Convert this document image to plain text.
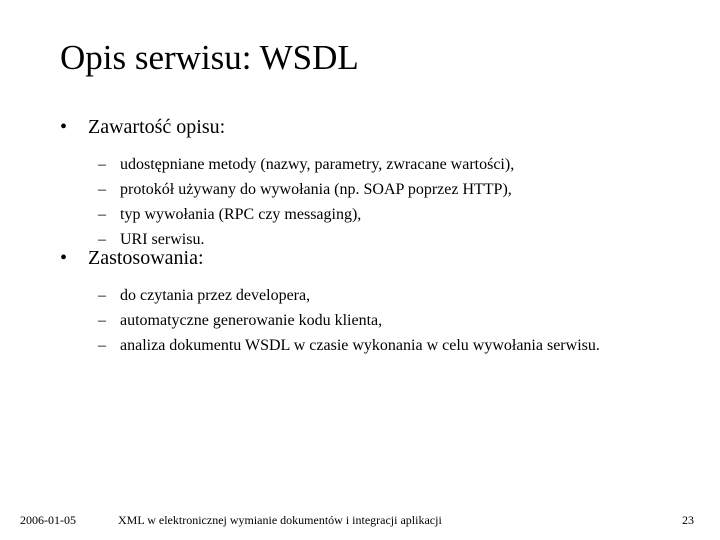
Opis serwisu: WSDL
• Zawartość opisu:
– udostępniane metody (nazwy, parametry, zwracane wartości),
– protokół używany do wywołania (np. SOAP poprzez HTTP),
– typ wywołania (RPC czy messaging),
– URI serwisu.
• Zastosowania:
– do czytania przez developera,
– automatyczne generowanie kodu klienta,
– analiza dokumentu WSDL w czasie wykonania w celu wywołania serwisu.
2006-01-05	XML w elektronicznej wymianie dokumentów i integracji aplikacji	23
